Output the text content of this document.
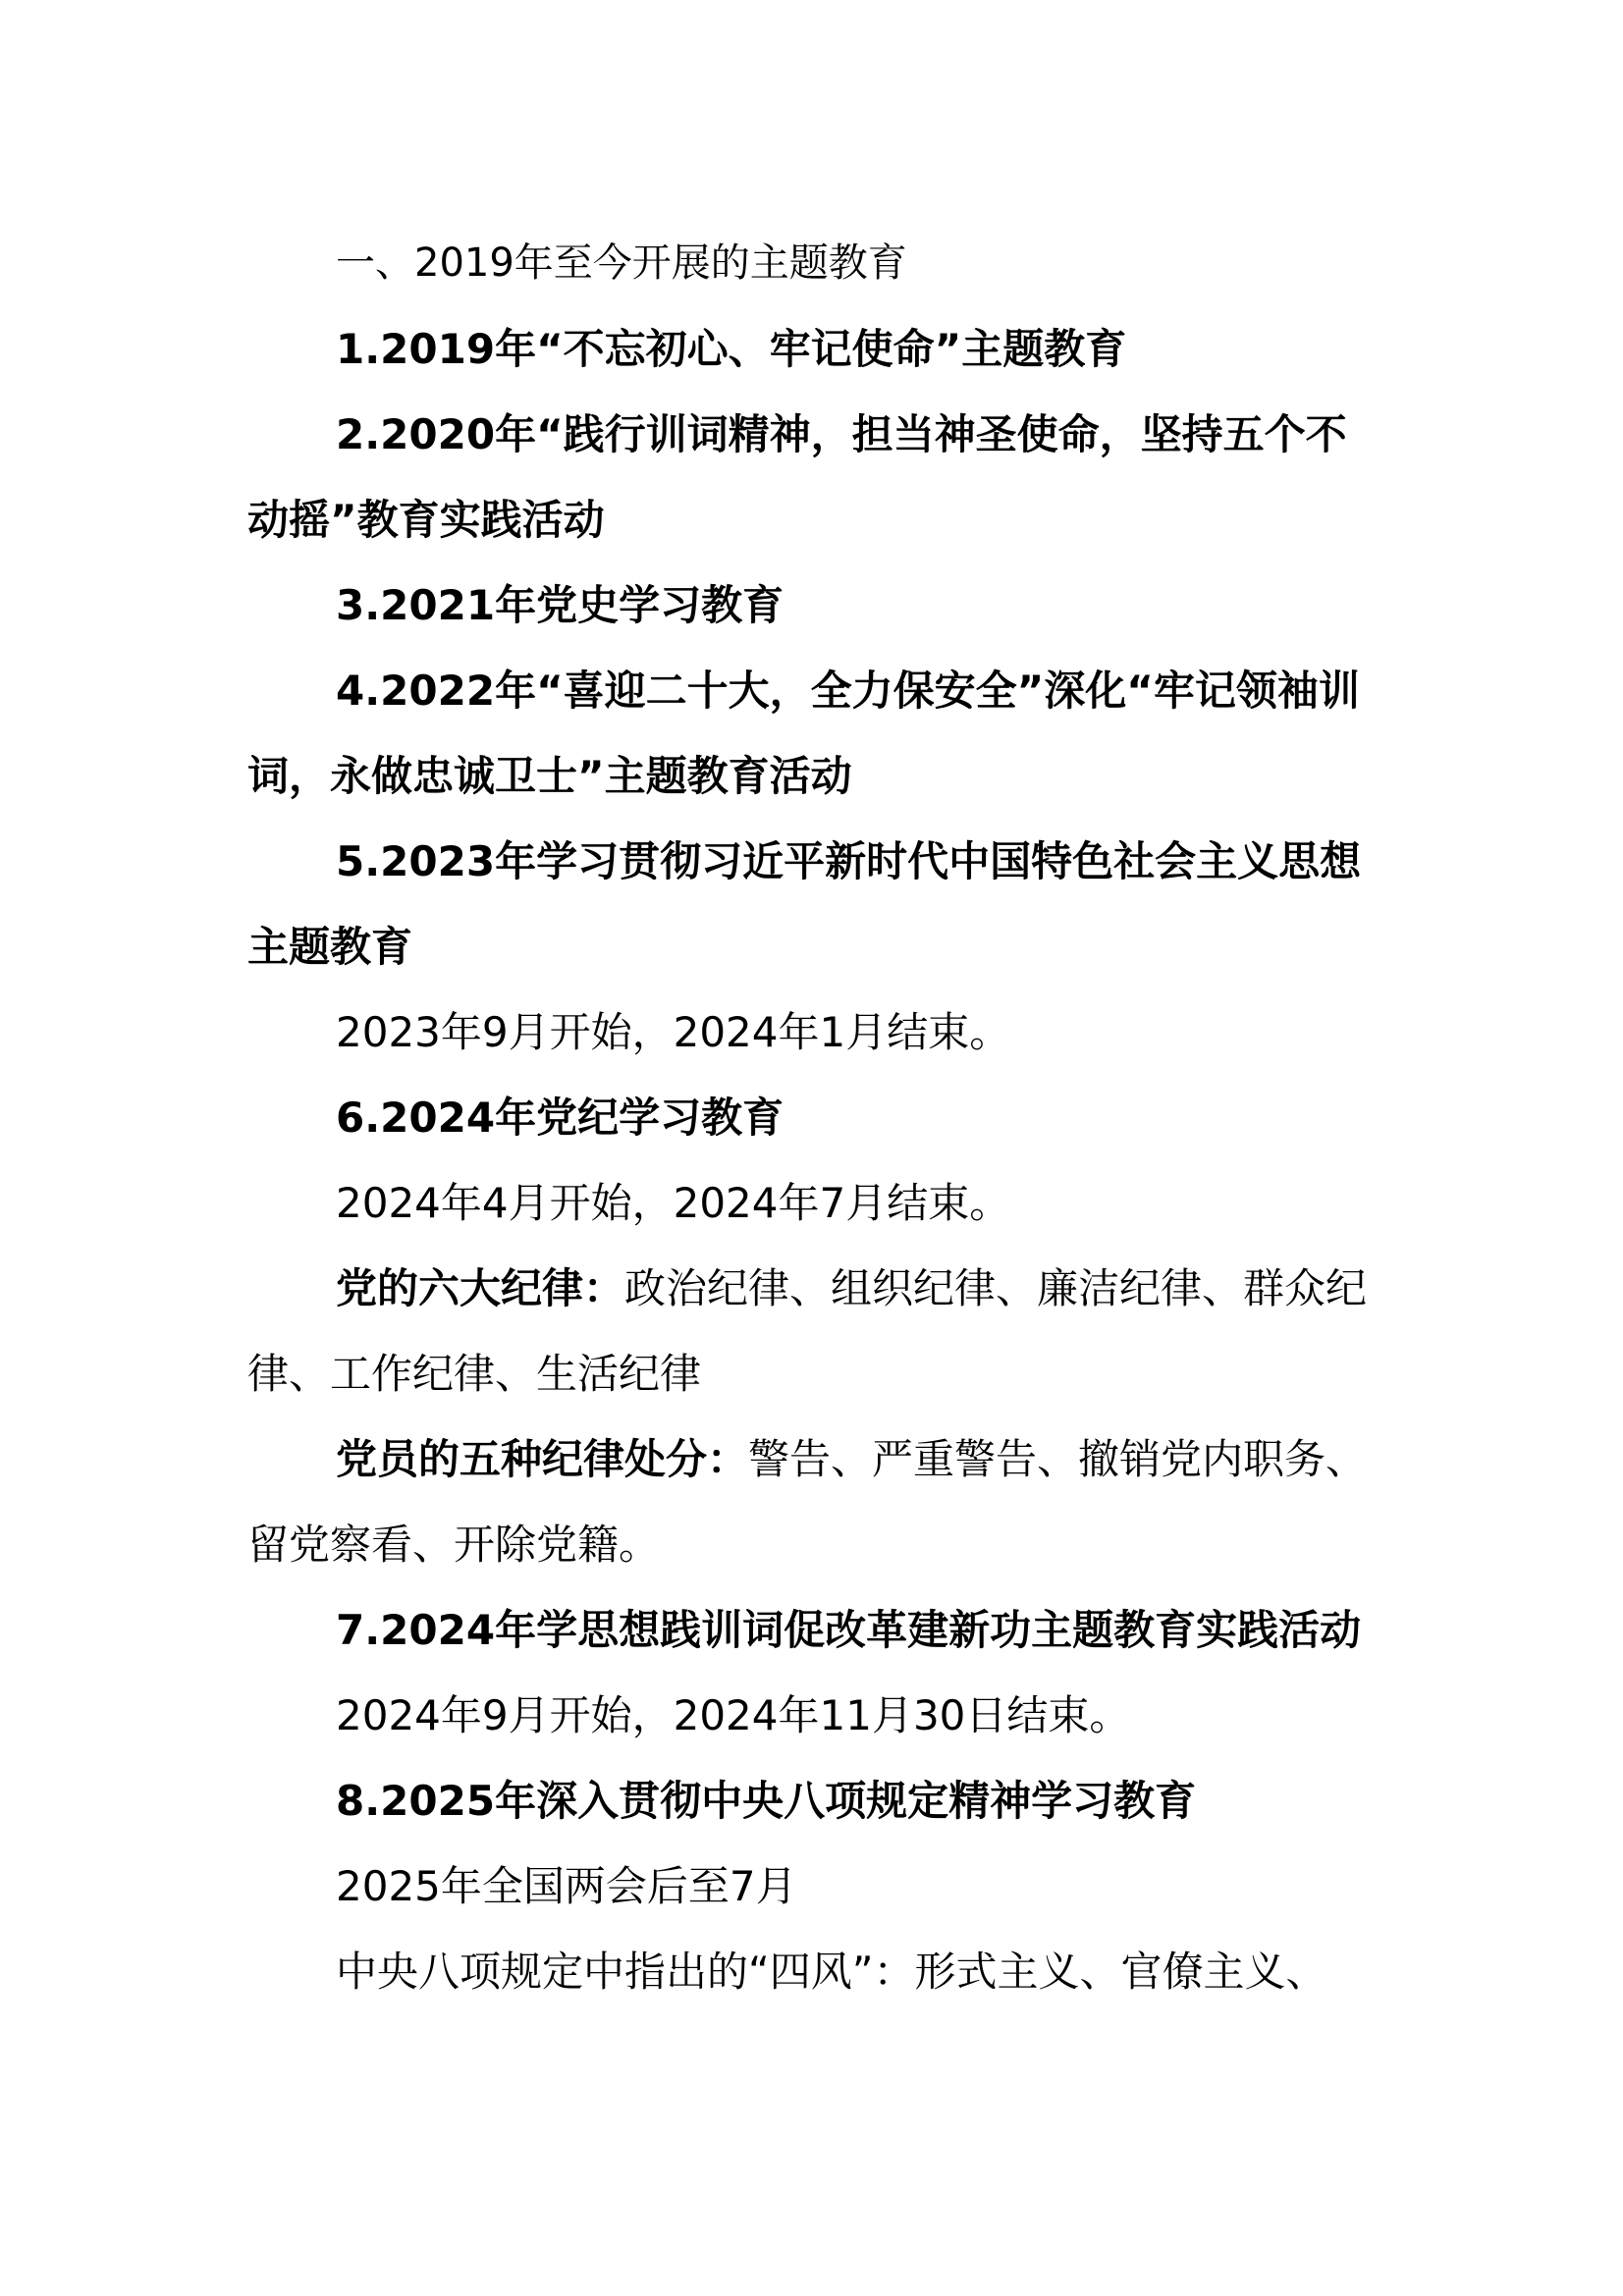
一、2019年至今开展的主题教育

1.2019年“不忘初心、牢记使命”主题教育

2.2020年“践行训词精神，担当神圣使命，坚持五个不动摇”教育实践活动

3.2021年党史学习教育

4.2022年“喜迎二十大，全力保安全”深化“牢记领袖训词，永做忠诚卫士”主题教育活动

5.2023年学习贯彻习近平新时代中国特色社会主义思想主题教育

2023年9月开始，2024年1月结束。

6.2024年党纪学习教育

2024年4月开始，2024年7月结束。

党的六大纪律：政治纪律、组织纪律、廉洁纪律、群众纪律、工作纪律、生活纪律

党员的五种纪律处分：警告、严重警告、撤销党内职务、留党察看、开除党籍。

7.2024年学思想践训词促改革建新功主题教育实践活动

2024年9月开始，2024年11月30日结束。

8.2025年深入贯彻中央八项规定精神学习教育

2025年全国两会后至7月

中央八项规定中指出的“四风”：形式主义、官僚主义、
